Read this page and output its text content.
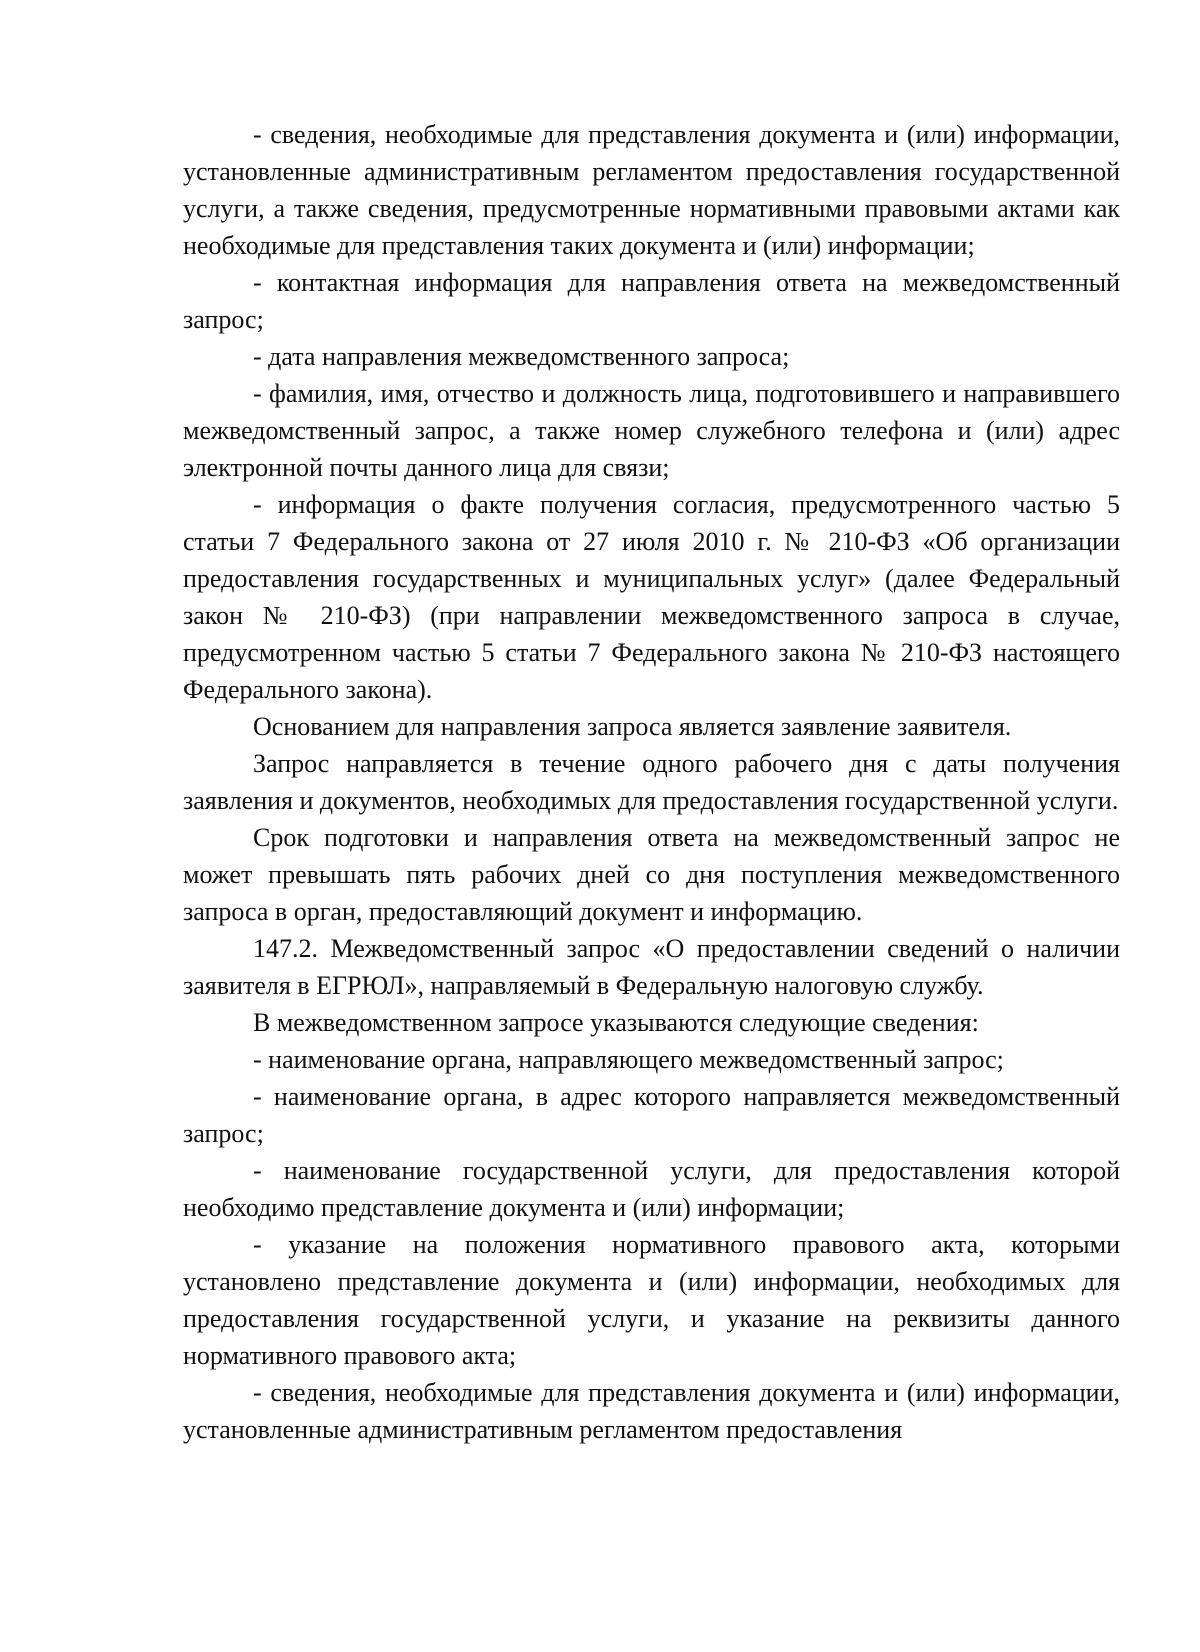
- сведения, необходимые для представления документа и (или) информации, установленные административным регламентом предоставления государственной услуги, а также сведения, предусмотренные нормативными правовыми актами как необходимые для представления таких документа и (или) информации;

- контактная информация для направления ответа на межведомственный запрос;

- дата направления межведомственного запроса;

- фамилия, имя, отчество и должность лица, подготовившего и направившего межведомственный запрос, а также номер служебного телефона и (или) адрес электронной почты данного лица для связи;

- информация о факте получения согласия, предусмотренного частью 5 статьи 7 Федерального закона от 27 июля 2010 г. № 210-ФЗ «Об организации предоставления государственных и муниципальных услуг» (далее Федеральный закон № 210-ФЗ) (при направлении межведомственного запроса в случае, предусмотренном частью 5 статьи 7 Федерального закона № 210-ФЗ настоящего Федерального закона).

Основанием для направления запроса является заявление заявителя.

Запрос направляется в течение одного рабочего дня с даты получения заявления и документов, необходимых для предоставления государственной услуги.

Срок подготовки и направления ответа на межведомственный запрос не может превышать пять рабочих дней со дня поступления межведомственного запроса в орган, предоставляющий документ и информацию.

147.2. Межведомственный запрос «О предоставлении сведений о наличии заявителя в ЕГРЮЛ», направляемый в Федеральную налоговую службу.

В межведомственном запросе указываются следующие сведения:

- наименование органа, направляющего межведомственный запрос;

- наименование органа, в адрес которого направляется межведомственный запрос;

- наименование государственной услуги, для предоставления которой необходимо представление документа и (или) информации;

- указание на положения нормативного правового акта, которыми установлено представление документа и (или) информации, необходимых для предоставления государственной услуги, и указание на реквизиты данного нормативного правового акта;

- сведения, необходимые для представления документа и (или) информации, установленные административным регламентом предоставления
